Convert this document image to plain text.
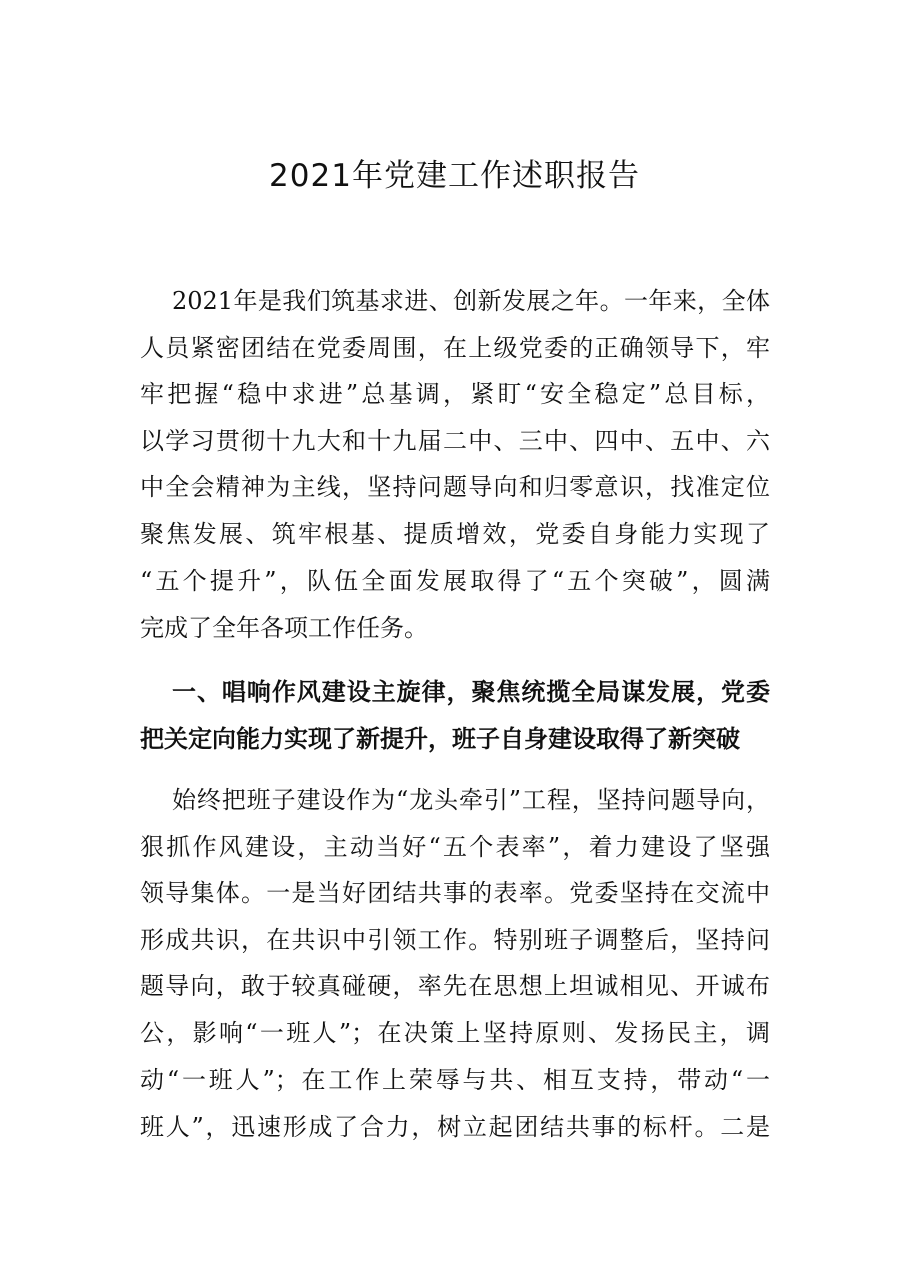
2021年党建工作述职报告
2021年是我们筑基求进、创新发展之年。一年来，全体
人员紧密团结在党委周围，在上级党委的正确领导下，牢
牢把握“稳中求进”总基调，紧盯“安全稳定”总目标，
以学习贯彻十九大和十九届二中、三中、四中、五中、六
中全会精神为主线，坚持问题导向和归零意识，找准定位
聚焦发展、筑牢根基、提质增效，党委自身能力实现了
“五个提升”，队伍全面发展取得了“五个突破”，圆满
完成了全年各项工作任务。
一、唱响作风建设主旋律，聚焦统揽全局谋发展，党委
把关定向能力实现了新提升，班子自身建设取得了新突破
始终把班子建设作为“龙头牵引”工程，坚持问题导向，
狠抓作风建设，主动当好“五个表率”，着力建设了坚强
领导集体。一是当好团结共事的表率。党委坚持在交流中
形成共识，在共识中引领工作。特别班子调整后，坚持问
题导向，敢于较真碰硬，率先在思想上坦诚相见、开诚布
公，影响“一班人”；在决策上坚持原则、发扬民主，调
动“一班人”；在工作上荣辱与共、相互支持，带动“一
班人”，迅速形成了合力，树立起团结共事的标杆。二是
